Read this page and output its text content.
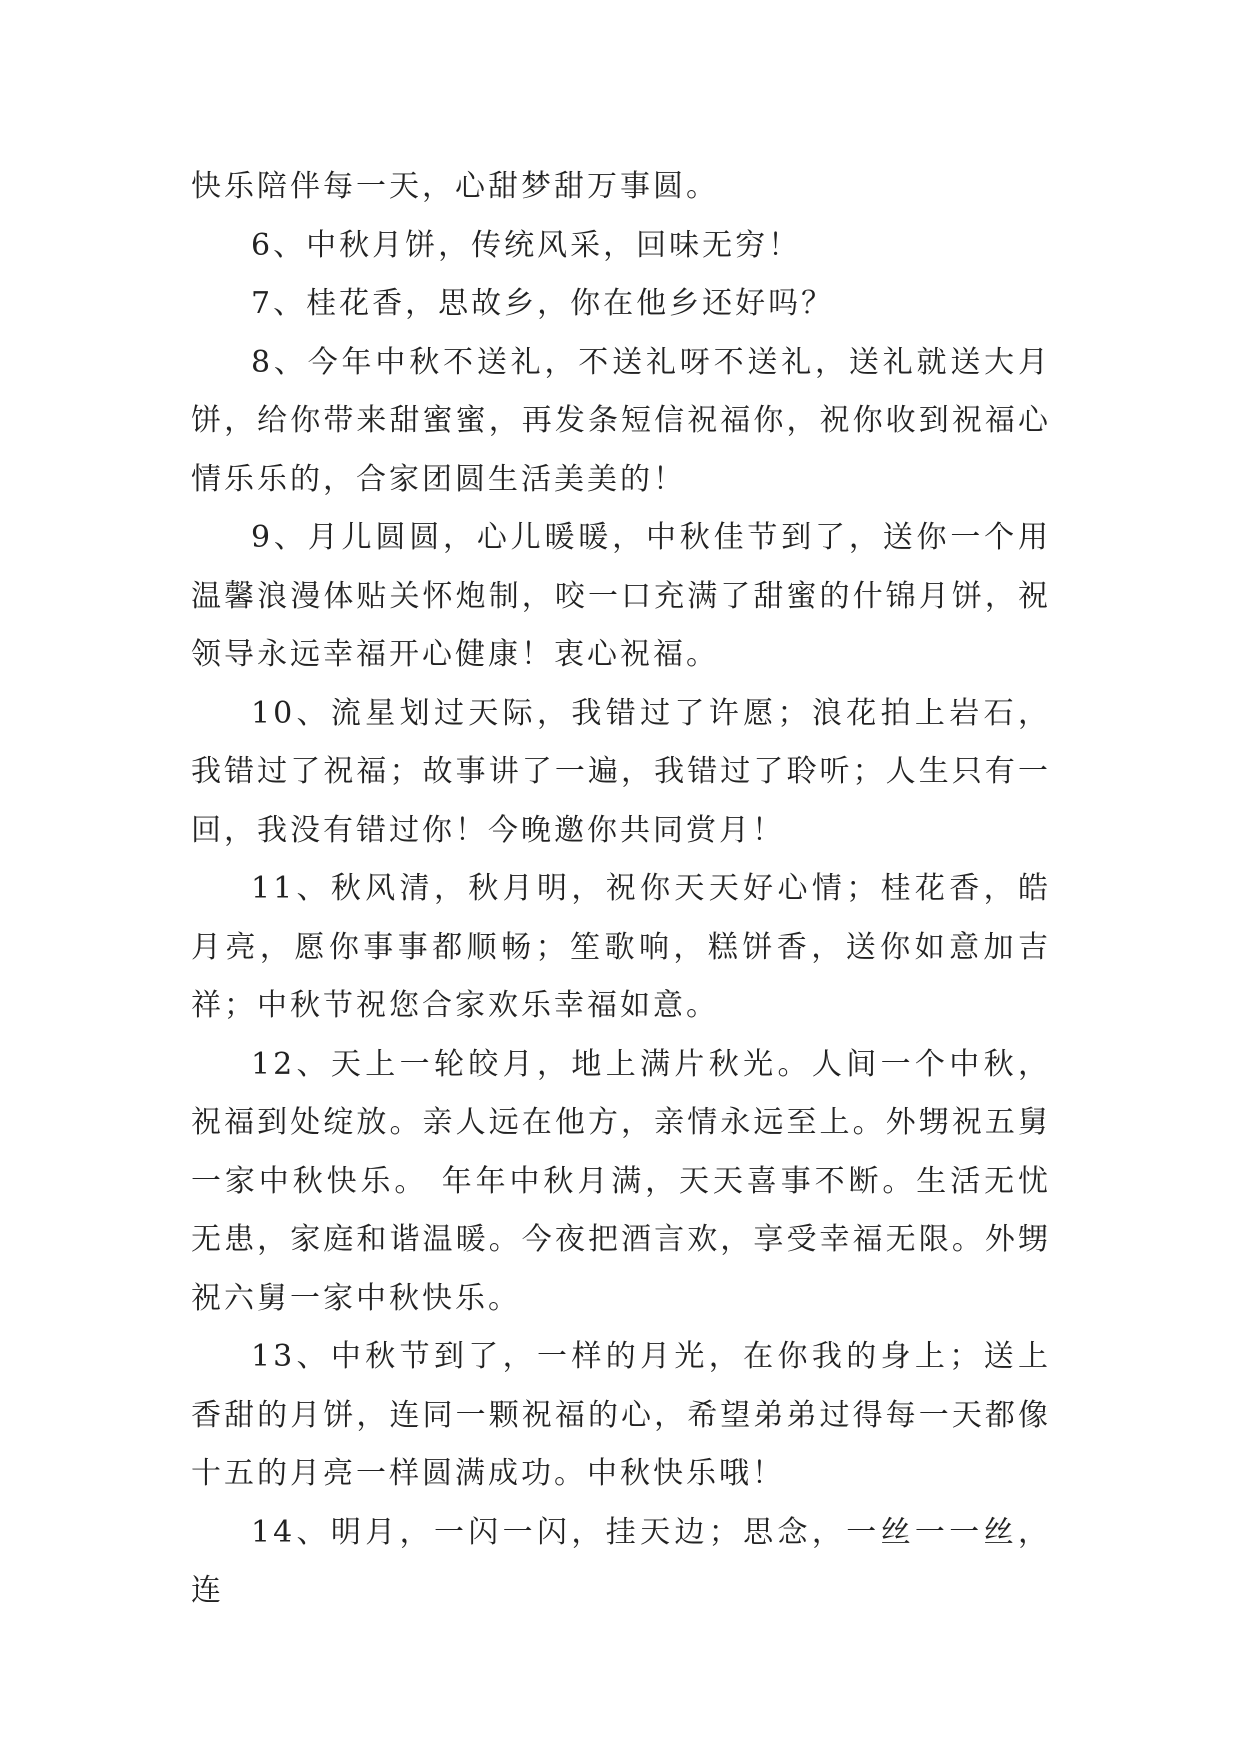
快乐陪伴每一天，心甜梦甜万事圆。

6、中秋月饼，传统风采，回味无穷！

7、桂花香，思故乡，你在他乡还好吗？

8、今年中秋不送礼，不送礼呀不送礼，送礼就送大月饼，给你带来甜蜜蜜，再发条短信祝福你，祝你收到祝福心情乐乐的，合家团圆生活美美的！

9、月儿圆圆，心儿暖暖，中秋佳节到了，送你一个用温馨浪漫体贴关怀炮制，咬一口充满了甜蜜的什锦月饼，祝领导永远幸福开心健康！衷心祝福。

10、流星划过天际，我错过了许愿；浪花拍上岩石，我错过了祝福；故事讲了一遍，我错过了聆听；人生只有一回，我没有错过你！今晚邀你共同赏月！

11、秋风清，秋月明，祝你天天好心情；桂花香，皓月亮，愿你事事都顺畅；笙歌响，糕饼香，送你如意加吉祥；中秋节祝您合家欢乐幸福如意。

12、天上一轮皎月，地上满片秋光。人间一个中秋，祝福到处绽放。亲人远在他方，亲情永远至上。外甥祝五舅一家中秋快乐。 年年中秋月满，天天喜事不断。生活无忧无患，家庭和谐温暖。今夜把酒言欢，享受幸福无限。外甥祝六舅一家中秋快乐。

13、中秋节到了，一样的月光，在你我的身上；送上香甜的月饼，连同一颗祝福的心，希望弟弟过得每一天都像十五的月亮一样圆满成功。中秋快乐哦！

14、明月，一闪一闪，挂天边；思念，一丝一一丝，连
